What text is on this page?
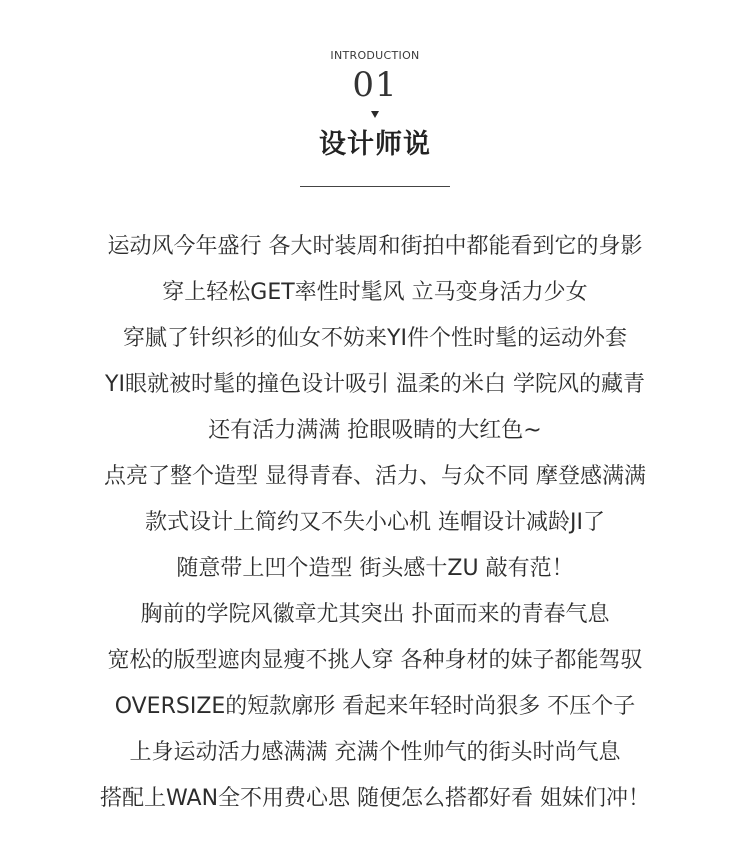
INTRODUCTION
01
设计师说
运动风今年盛行 各大时装周和街拍中都能看到它的身影
穿上轻松GET率性时髦风 立马变身活力少女
穿腻了针织衫的仙女不妨来YI件个性时髦的运动外套
YI眼就被时髦的撞色设计吸引 温柔的米白 学院风的藏青
还有活力满满 抢眼吸睛的大红色~
点亮了整个造型 显得青春、活力、与众不同 摩登感满满
款式设计上简约又不失小心机 连帽设计减龄JI了
随意带上凹个造型 街头感十ZU 敲有范！
胸前的学院风徽章尤其突出 扑面而来的青春气息
宽松的版型遮肉显瘦不挑人穿 各种身材的妹子都能驾驭
OVERSIZE的短款廓形 看起来年轻时尚狠多 不压个子
上身运动活力感满满 充满个性帅气的街头时尚气息
搭配上WAN全不用费心思 随便怎么搭都好看 姐妹们冲！
